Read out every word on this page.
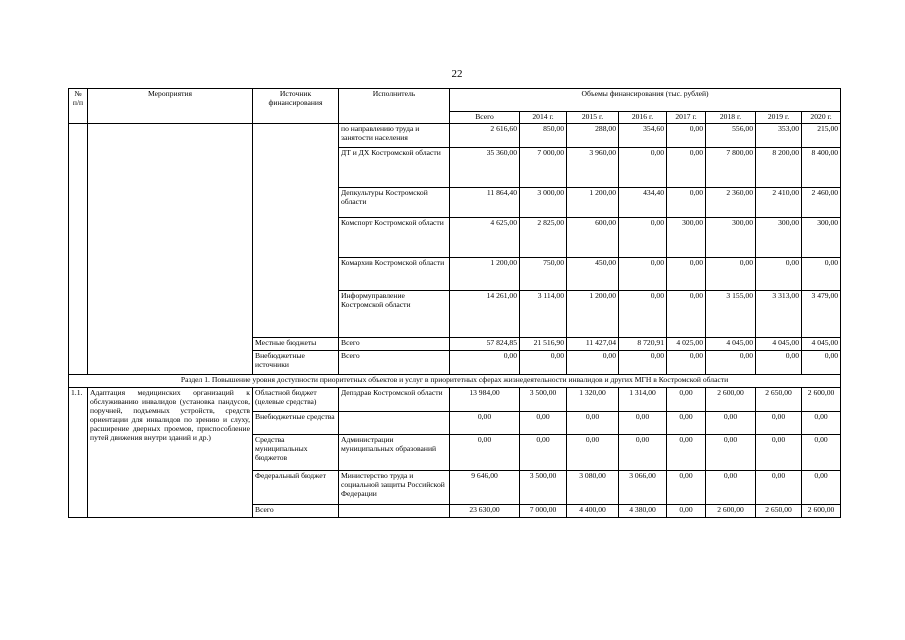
22
№ п/п	Мероприятия	Источник финансирования	Исполнитель	Объемы финансирования (тыс. рублей)							
				Всего	2014 г.	2015 г.	2016 г.	2017 г.	2018 г.	2019 г.	2020 г.
			по направлению труда и занятости населения	2 616,60	850,00	288,00	354,60	0,00	556,00	353,00	215,00
			ДТ и ДХ Костромской области	35 360,00	7 000,00	3 960,00	0,00	0,00	7 800,00	8 200,00	8 400,00
			Депкультуры Костромской области	11 864,40	3 000,00	1 200,00	434,40	0,00	2 360,00	2 410,00	2 460,00
			Комспорт Костромской области	4 625,00	2 825,00	600,00	0,00	300,00	300,00	300,00	300,00
			Комархив Костромской области	1 200,00	750,00	450,00	0,00	0,00	0,00	0,00	0,00
			Информуправление Костромской области	14 261,00	3 114,00	1 200,00	0,00	0,00	3 155,00	3 313,00	3 479,00
		Местные бюджеты	Всего	57 824,85	21 516,90	11 427,04	8 720,91	4 025,00	4 045,00	4 045,00	4 045,00
		Внебюджетные источники	Всего	0,00	0,00	0,00	0,00	0,00	0,00	0,00	0,00
Раздел 1. Повышение уровня доступности приоритетных объектов и услуг в приоритетных сферах жизнедеятельности инвалидов и других МГН в Костромской области											
1.1.	Адаптация медицинских организаций к обслуживанию инвалидов (установка пандусов, поручней, подъемных устройств, средств ориентации для инвалидов по зрению и слуху, расширение дверных проемов, приспособление путей движения внутри зданий и др.)	Областной бюджет (целевые средства)	Депздрав Костромской области	13 984,00	3 500,00	1 320,00	1 314,00	0,00	2 600,00	2 650,00	2 600,00
		Внебюджетные средства		0,00	0,00	0,00	0,00	0,00	0,00	0,00	0,00
		Средства муниципальных бюджетов	Администрации муниципальных образований	0,00	0,00	0,00	0,00	0,00	0,00	0,00	0,00
		Федеральный бюджет	Министерство труда и социальной защиты Российской Федерации	9 646,00	3 500,00	3 080,00	3 066,00	0,00	0,00	0,00	0,00
		Всего		23 630,00	7 000,00	4 400,00	4 380,00	0,00	2 600,00	2 650,00	2 600,00
